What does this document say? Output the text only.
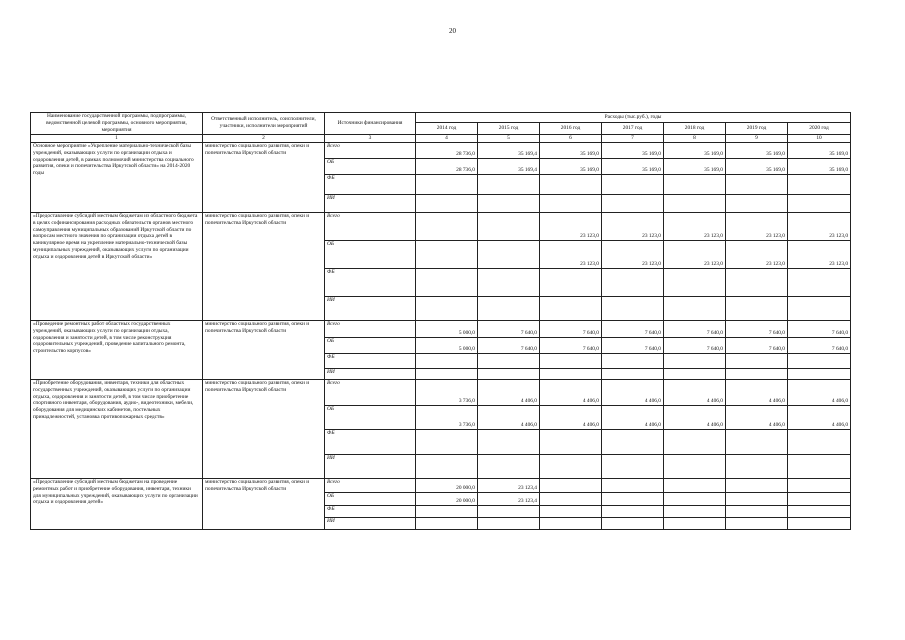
20
Наименование государственной программы, подпрограммы, ведомственной целевой программы, основного мероприятия, мероприятия	Ответственный исполнитель, соисполнители, участники, исполнители мероприятий	Источники финансирования	Расходы (тыс.руб.), годы						
			2014 год	2015 год	2016 год	2017 год	2018 год	2019 год	2020 год
1	2	3	4	5	6	7	8	9	10
Основное мероприятие «Укрепление материально-технической базы учреждений, оказывающих услуги по организации отдыха и оздоровления детей, в рамках полномочий министерства социального развития, опеки и попечительства Иркутской области» на 2014-2020 годы	министерство социального развития, опеки и попечительства Иркутской области	Всего	28 736,0	35 169,4	35 169,0	35 169,0	35 169,0	35 169,0	35 169,0
		ОБ	28 736,0	35 169,4	35 169,0	35 169,0	35 169,0	35 169,0	35 169,0
		ФБ							
		ИИ							
«Предоставление субсидий местным бюджетам из областного бюджета в целях софинансирования расходных обязательств органов местного самоуправления муниципальных образований Иркутской области по вопросам местного значения по организации отдыха детей в каникулярное время на укрепление материально-технической базы муниципальных учреждений, оказывающих услуги по организации отдыха и оздоровления детей в Иркутской области»	министерство социального развития, опеки и попечительства Иркутской области	Всего			23 123,0	23 123,0	23 123,0	23 123,0	23 123,0
		ОБ			23 123,0	23 123,0	23 123,0	23 123,0	23 123,0
		ФБ							
		ИИ							
«Проведение ремонтных работ областных государственных учреждений, оказывающих услуги по организации отдыха, оздоровления и занятости детей, в том числе реконструкция оздоровительных учреждений, проведение капитального ремонта, строительство корпусов»	министерство социального развития, опеки и попечительства Иркутской области	Всего	5 000,0	7 640,0	7 640,0	7 640,0	7 640,0	7 640,0	7 640,0
		ОБ	5 000,0	7 640,0	7 640,0	7 640,0	7 640,0	7 640,0	7 640,0
		ФБ							
		ИИ							
«Приобретение оборудования, инвентаря, техники для областных государственных учреждений, оказывающих услуги по организации отдыха, оздоровления и занятости детей, в том числе приобретение спортивного инвентаря, оборудования, аудио-, видеотехники, мебели, оборудования для медицинских кабинетов, постельных принадлежностей, установка противопожарных средств»	министерство социального развития, опеки и попечительства Иркутской области	Всего	3 736,0	4 406,0	4 406,0	4 406,0	4 406,0	4 406,0	4 406,0
		ОБ	3 736,0	4 406,0	4 406,0	4 406,0	4 406,0	4 406,0	4 406,0
		ФБ							
		ИИ							
«Предоставление субсидий местным бюджетам на проведение ремонтных работ и приобретение оборудования, инвентаря, техники для муниципальных учреждений, оказывающих услуги по организации отдыха и оздоровления детей»	министерство социального развития, опеки и попечительства Иркутской области	Всего	20 000,0	23 123,4					
		ОБ	20 000,0	23 123,4					
		ФБ							
		ИИ							
